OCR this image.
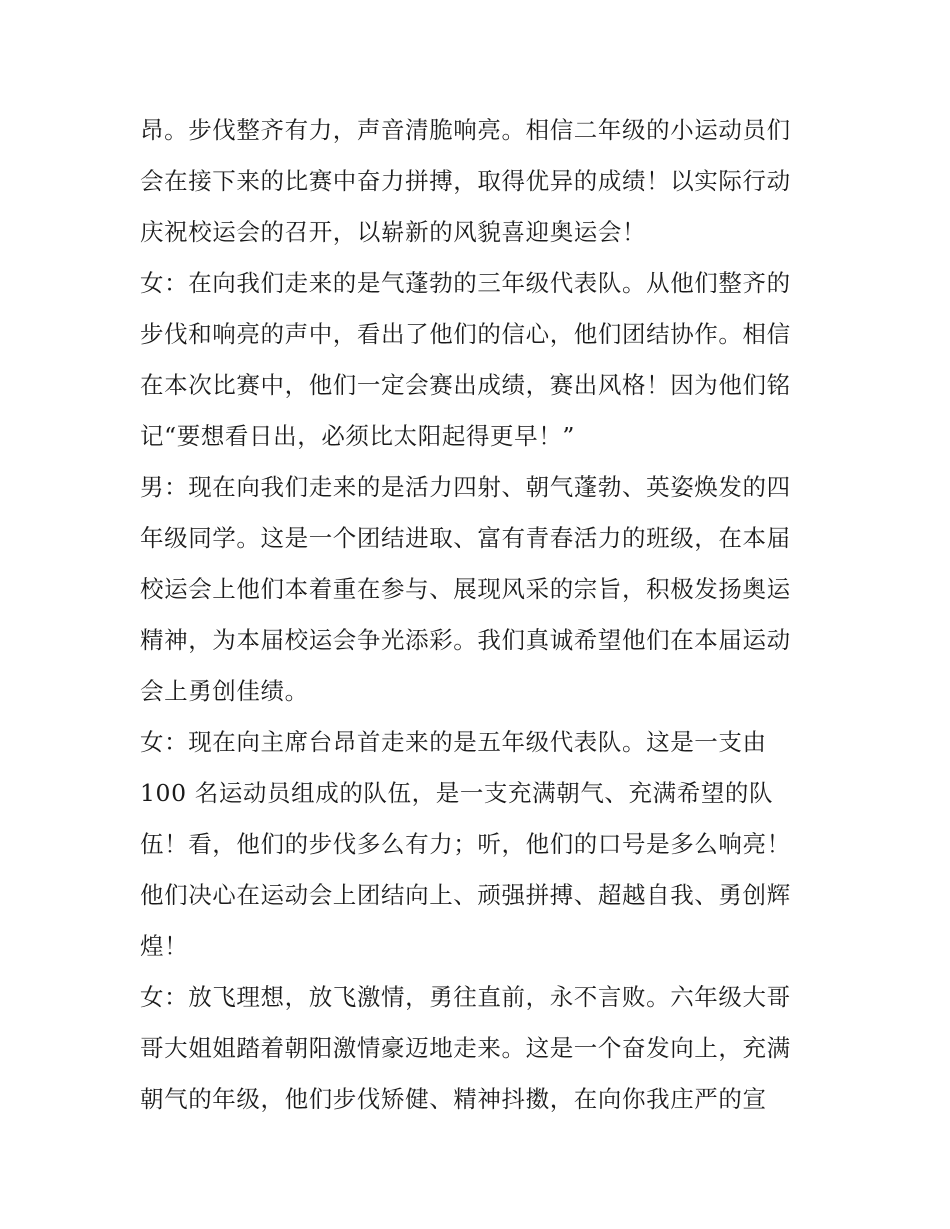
昂。步伐整齐有力，声音清脆响亮。相信二年级的小运动员们
会在接下来的比赛中奋力拼搏，取得优异的成绩！以实际行动
庆祝校运会的召开，以崭新的风貌喜迎奥运会！
女：在向我们走来的是气蓬勃的三年级代表队。从他们整齐的
步伐和响亮的声中，看出了他们的信心，他们团结协作。相信
在本次比赛中，他们一定会赛出成绩，赛出风格！因为他们铭
记“要想看日出，必须比太阳起得更早！”
男：现在向我们走来的是活力四射、朝气蓬勃、英姿焕发的四
年级同学。这是一个团结进取、富有青春活力的班级，在本届
校运会上他们本着重在参与、展现风采的宗旨，积极发扬奥运
精神，为本届校运会争光添彩。我们真诚希望他们在本届运动
会上勇创佳绩。
女：现在向主席台昂首走来的是五年级代表队。这是一支由
100 名运动员组成的队伍，是一支充满朝气、充满希望的队
伍！看，他们的步伐多么有力；听，他们的口号是多么响亮！
他们决心在运动会上团结向上、顽强拼搏、超越自我、勇创辉
煌！
女：放飞理想，放飞激情，勇往直前，永不言败。六年级大哥
哥大姐姐踏着朝阳激情豪迈地走来。这是一个奋发向上，充满
朝气的年级，他们步伐矫健、精神抖擞，在向你我庄严的宣
